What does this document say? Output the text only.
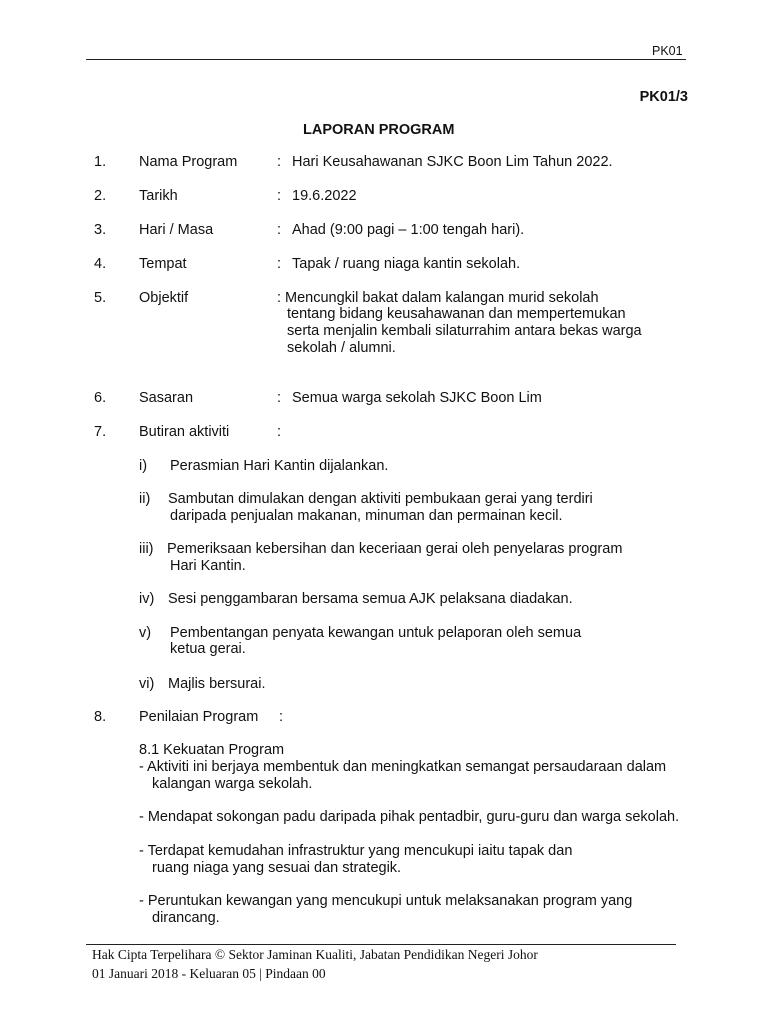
PK01
PK01/3
LAPORAN PROGRAM
1. Nama Program	: Hari Keusahawanan SJKC Boon Lim Tahun 2022.
2. Tarikh	: 19.6.2022
3. Hari / Masa	: Ahad (9:00 pagi – 1:00 tengah hari).
4. Tempat	: Tapak / ruang niaga kantin sekolah.
5. Objektif	: Mencungkil bakat dalam kalangan murid sekolah
tentang bidang keusahawanan dan mempertemukan
serta menjalin kembali silaturrahim antara bekas warga
sekolah / alumni.
6. Sasaran	: Semua warga sekolah SJKC Boon Lim
7. Butiran aktiviti	:
i) Perasmian Hari Kantin dijalankan.
ii) Sambutan dimulakan dengan aktiviti pembukaan gerai yang terdiri
daripada penjualan makanan, minuman dan permainan kecil.
iii) Pemeriksaan kebersihan dan keceriaan gerai oleh penyelaras program
Hari Kantin.
iv) Sesi penggambaran bersama semua AJK pelaksana diadakan.
v) Pembentangan penyata kewangan untuk pelaporan oleh semua
ketua gerai.
vi) Majlis bersurai.
8. Penilaian Program :
8.1 Kekuatan Program
- Aktiviti ini berjaya membentuk dan meningkatkan semangat persaudaraan dalam
kalangan warga sekolah.
- Mendapat sokongan padu daripada pihak pentadbir, guru-guru dan warga sekolah.
- Terdapat kemudahan infrastruktur yang mencukupi iaitu tapak dan
ruang niaga yang sesuai dan strategik.
- Peruntukan kewangan yang mencukupi untuk melaksanakan program yang
dirancang.
Hak Cipta Terpelihara © Sektor Jaminan Kualiti, Jabatan Pendidikan Negeri Johor
01 Januari 2018 - Keluaran 05 | Pindaan 00
